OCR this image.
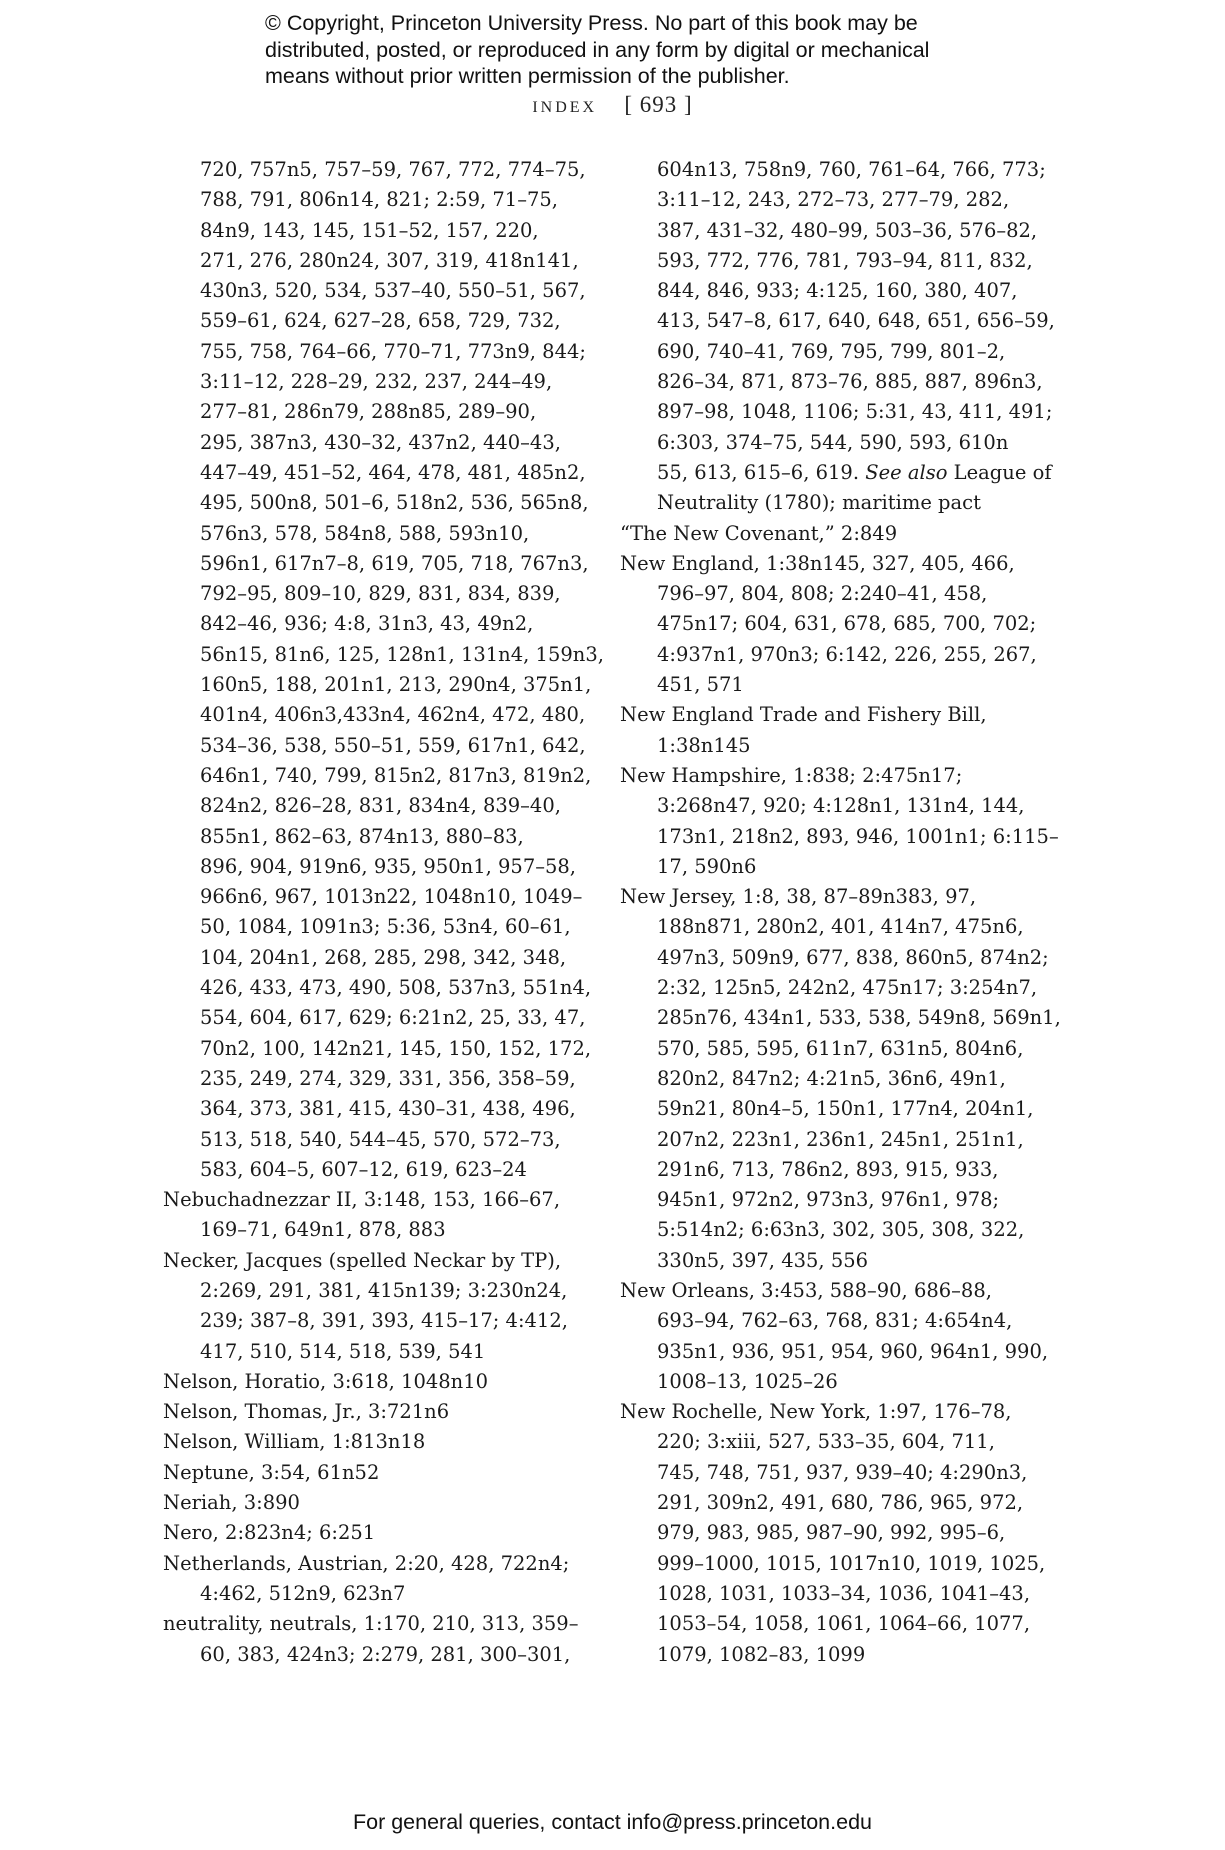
© Copyright, Princeton University Press. No part of this book may be
distributed, posted, or reproduced in any form by digital or mechanical
means without prior written permission of the publisher.
INDEX [ 693 ]
720, 757n5, 757–59, 767, 772, 774–75,
788, 791, 806n14, 821; 2:59, 71–75,
84n9, 143, 145, 151–52, 157, 220,
271, 276, 280n24, 307, 319, 418n141,
430n3, 520, 534, 537–40, 550–51, 567,
559–61, 624, 627–28, 658, 729, 732,
755, 758, 764–66, 770–71, 773n9, 844;
3:11–12, 228–29, 232, 237, 244–49,
277–81, 286n79, 288n85, 289–90,
295, 387n3, 430–32, 437n2, 440–43,
447–49, 451–52, 464, 478, 481, 485n2,
495, 500n8, 501–6, 518n2, 536, 565n8,
576n3, 578, 584n8, 588, 593n10,
596n1, 617n7–8, 619, 705, 718, 767n3,
792–95, 809–10, 829, 831, 834, 839,
842–46, 936; 4:8, 31n3, 43, 49n2,
56n15, 81n6, 125, 128n1, 131n4, 159n3,
160n5, 188, 201n1, 213, 290n4, 375n1,
401n4, 406n3,433n4, 462n4, 472, 480,
534–36, 538, 550–51, 559, 617n1, 642,
646n1, 740, 799, 815n2, 817n3, 819n2,
824n2, 826–28, 831, 834n4, 839–40,
855n1, 862–63, 874n13, 880–83,
896, 904, 919n6, 935, 950n1, 957–58,
966n6, 967, 1013n22, 1048n10, 1049–
50, 1084, 1091n3; 5:36, 53n4, 60–61,
104, 204n1, 268, 285, 298, 342, 348,
426, 433, 473, 490, 508, 537n3, 551n4,
554, 604, 617, 629; 6:21n2, 25, 33, 47,
70n2, 100, 142n21, 145, 150, 152, 172,
235, 249, 274, 329, 331, 356, 358–59,
364, 373, 381, 415, 430–31, 438, 496,
513, 518, 540, 544–45, 570, 572–73,
583, 604–5, 607–12, 619, 623–24
Nebuchadnezzar II, 3:148, 153, 166–67,
169–71, 649n1, 878, 883
Necker, Jacques (spelled Neckar by TP),
2:269, 291, 381, 415n139; 3:230n24,
239; 387–8, 391, 393, 415–17; 4:412,
417, 510, 514, 518, 539, 541
Nelson, Horatio, 3:618, 1048n10
Nelson, Thomas, Jr., 3:721n6
Nelson, William, 1:813n18
Neptune, 3:54, 61n52
Neriah, 3:890
Nero, 2:823n4; 6:251
Netherlands, Austrian, 2:20, 428, 722n4;
4:462, 512n9, 623n7
neutrality, neutrals, 1:170, 210, 313, 359–
60, 383, 424n3; 2:279, 281, 300–301,
604n13, 758n9, 760, 761–64, 766, 773;
3:11–12, 243, 272–73, 277–79, 282,
387, 431–32, 480–99, 503–36, 576–82,
593, 772, 776, 781, 793–94, 811, 832,
844, 846, 933; 4:125, 160, 380, 407,
413, 547–8, 617, 640, 648, 651, 656–59,
690, 740–41, 769, 795, 799, 801–2,
826–34, 871, 873–76, 885, 887, 896n3,
897–98, 1048, 1106; 5:31, 43, 411, 491;
6:303, 374–75, 544, 590, 593, 610n
55, 613, 615–6, 619. See also League of
Neutrality (1780); maritime pact
“The New Covenant,” 2:849
New England, 1:38n145, 327, 405, 466,
796–97, 804, 808; 2:240–41, 458,
475n17; 604, 631, 678, 685, 700, 702;
4:937n1, 970n3; 6:142, 226, 255, 267,
451, 571
New England Trade and Fishery Bill,
1:38n145
New Hampshire, 1:838; 2:475n17;
3:268n47, 920; 4:128n1, 131n4, 144,
173n1, 218n2, 893, 946, 1001n1; 6:115–
17, 590n6
New Jersey, 1:8, 38, 87–89n383, 97,
188n871, 280n2, 401, 414n7, 475n6,
497n3, 509n9, 677, 838, 860n5, 874n2;
2:32, 125n5, 242n2, 475n17; 3:254n7,
285n76, 434n1, 533, 538, 549n8, 569n1,
570, 585, 595, 611n7, 631n5, 804n6,
820n2, 847n2; 4:21n5, 36n6, 49n1,
59n21, 80n4–5, 150n1, 177n4, 204n1,
207n2, 223n1, 236n1, 245n1, 251n1,
291n6, 713, 786n2, 893, 915, 933,
945n1, 972n2, 973n3, 976n1, 978;
5:514n2; 6:63n3, 302, 305, 308, 322,
330n5, 397, 435, 556
New Orleans, 3:453, 588–90, 686–88,
693–94, 762–63, 768, 831; 4:654n4,
935n1, 936, 951, 954, 960, 964n1, 990,
1008–13, 1025–26
New Rochelle, New York, 1:97, 176–78,
220; 3:xiii, 527, 533–35, 604, 711,
745, 748, 751, 937, 939–40; 4:290n3,
291, 309n2, 491, 680, 786, 965, 972,
979, 983, 985, 987–90, 992, 995–6,
999–1000, 1015, 1017n10, 1019, 1025,
1028, 1031, 1033–34, 1036, 1041–43,
1053–54, 1058, 1061, 1064–66, 1077,
1079, 1082–83, 1099
For general queries, contact info@press.princeton.edu
